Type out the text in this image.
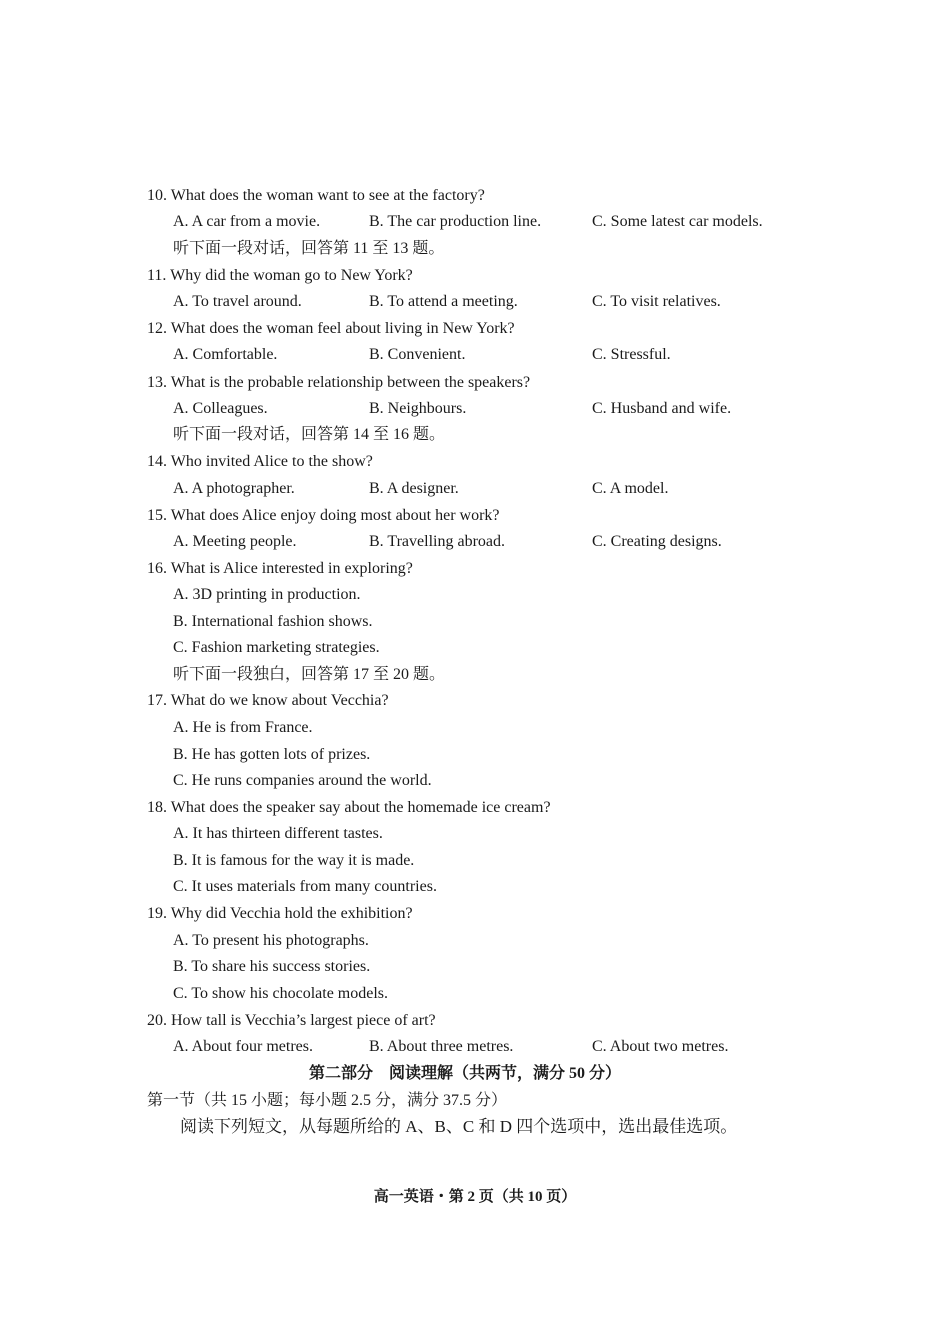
10. What does the woman want to see at the factory?
A. A car from a movie.	B. The car production line.	C. Some latest car models.
听下面一段对话，回答第 11 至 13 题。
11. Why did the woman go to New York?
A. To travel around.	B. To attend a meeting.	C. To visit relatives.
12. What does the woman feel about living in New York?
A. Comfortable.	B. Convenient.	C. Stressful.
13. What is the probable relationship between the speakers?
A. Colleagues.	B. Neighbours.	C. Husband and wife.
听下面一段对话，回答第 14 至 16 题。
14. Who invited Alice to the show?
A. A photographer.	B. A designer.	C. A model.
15. What does Alice enjoy doing most about her work?
A. Meeting people.	B. Travelling abroad.	C. Creating designs.
16. What is Alice interested in exploring?
A. 3D printing in production.
B. International fashion shows.
C. Fashion marketing strategies.
听下面一段独白，回答第 17 至 20 题。
17. What do we know about Vecchia?
A. He is from France.
B. He has gotten lots of prizes.
C. He runs companies around the world.
18. What does the speaker say about the homemade ice cream?
A. It has thirteen different tastes.
B. It is famous for the way it is made.
C. It uses materials from many countries.
19. Why did Vecchia hold the exhibition?
A. To present his photographs.
B. To share his success stories.
C. To show his chocolate models.
20. How tall is Vecchia’s largest piece of art?
A. About four metres.	B. About three metres.	C. About two metres.
第二部分　阅读理解（共两节，满分 50 分）
第一节（共 15 小题；每小题 2.5 分，满分 37.5 分）
阅读下列短文，从每题所给的 A、B、C 和 D 四个选项中，选出最佳选项。
高一英语・第 2 页（共 10 页）
